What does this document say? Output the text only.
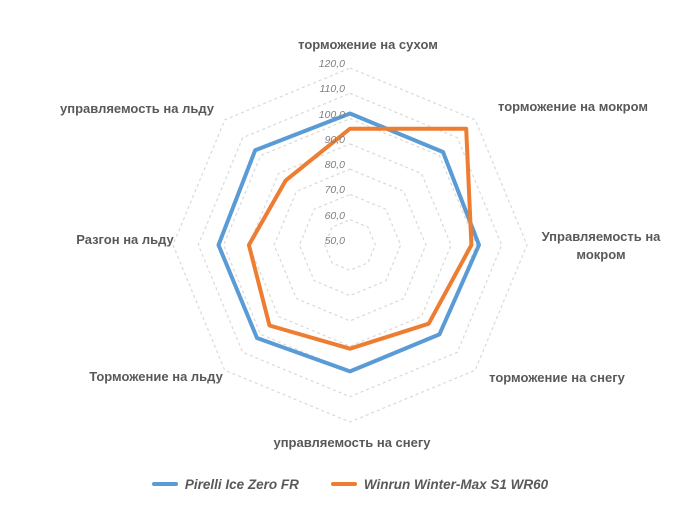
50,0
60,0
70,0
80,0
90,0
100,0
110,0
120,0
торможение на сухом
торможение на мокром
Управляемость на мокром
торможение на снегу
управляемость на снегу
Торможение на льду
Разгон на льду
управляемость на льду
Pirelli Ice Zero FR	Winrun Winter-Max S1 WR60
